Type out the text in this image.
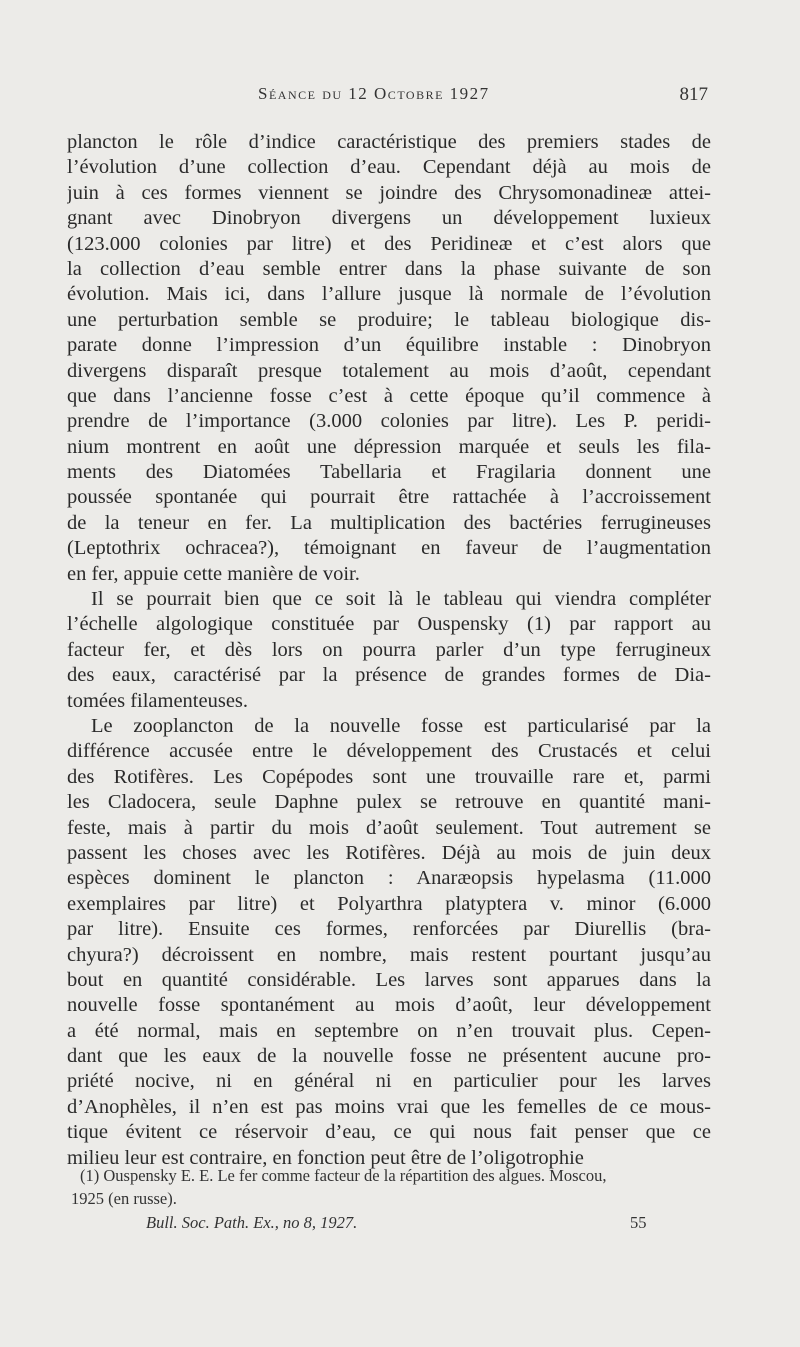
Séance du 12 Octobre 1927	817
plancton le rôle d’indice caractéristique des premiers stades de
l’évolution d’une collection d’eau. Cependant déjà au mois de
juin à ces formes viennent se joindre des Chrysomonadineæ attei-
gnant avec Dinobryon divergens un développement luxieux
(123.000 colonies par litre) et des Peridineæ et c’est alors que
la collection d’eau semble entrer dans la phase suivante de son
évolution. Mais ici, dans l’allure jusque là normale de l’évolution
une perturbation semble se produire; le tableau biologique dis-
parate donne l’impression d’un équilibre instable : Dinobryon
divergens disparaît presque totalement au mois d’août, cependant
que dans l’ancienne fosse c’est à cette époque qu’il commence à
prendre de l’importance (3.000 colonies par litre). Les P. peridi-
nium montrent en août une dépression marquée et seuls les fila-
ments des Diatomées Tabellaria et Fragilaria donnent une
poussée spontanée qui pourrait être rattachée à l’accroissement
de la teneur en fer. La multiplication des bactéries ferrugineuses
(Leptothrix ochracea?), témoignant en faveur de l’augmentation
en fer, appuie cette manière de voir.
Il se pourrait bien que ce soit là le tableau qui viendra compléter
l’échelle algologique constituée par Ouspensky (1) par rapport au
facteur fer, et dès lors on pourra parler d’un type ferrugineux
des eaux, caractérisé par la présence de grandes formes de Dia-
tomées filamenteuses.
Le zooplancton de la nouvelle fosse est particularisé par la
différence accusée entre le développement des Crustacés et celui
des Rotifères. Les Copépodes sont une trouvaille rare et, parmi
les Cladocera, seule Daphne pulex se retrouve en quantité mani-
feste, mais à partir du mois d’août seulement. Tout autrement se
passent les choses avec les Rotifères. Déjà au mois de juin deux
espèces dominent le plancton : Anaræopsis hypelasma (11.000
exemplaires par litre) et Polyarthra platyptera v. minor (6.000
par litre). Ensuite ces formes, renforcées par Diurellis (bra-
chyura?) décroissent en nombre, mais restent pourtant jusqu’au
bout en quantité considérable. Les larves sont apparues dans la
nouvelle fosse spontanément au mois d’août, leur développement
a été normal, mais en septembre on n’en trouvait plus. Cepen-
dant que les eaux de la nouvelle fosse ne présentent aucune pro-
priété nocive, ni en général ni en particulier pour les larves
d’Anophèles, il n’en est pas moins vrai que les femelles de ce mous-
tique évitent ce réservoir d’eau, ce qui nous fait penser que ce
milieu leur est contraire, en fonction peut être de l’oligotrophie
(1) Ouspensky E. E. Le fer comme facteur de la répartition des algues. Moscou,
1925 (en russe).
Bull. Soc. Path. Ex., no 8, 1927.	55
